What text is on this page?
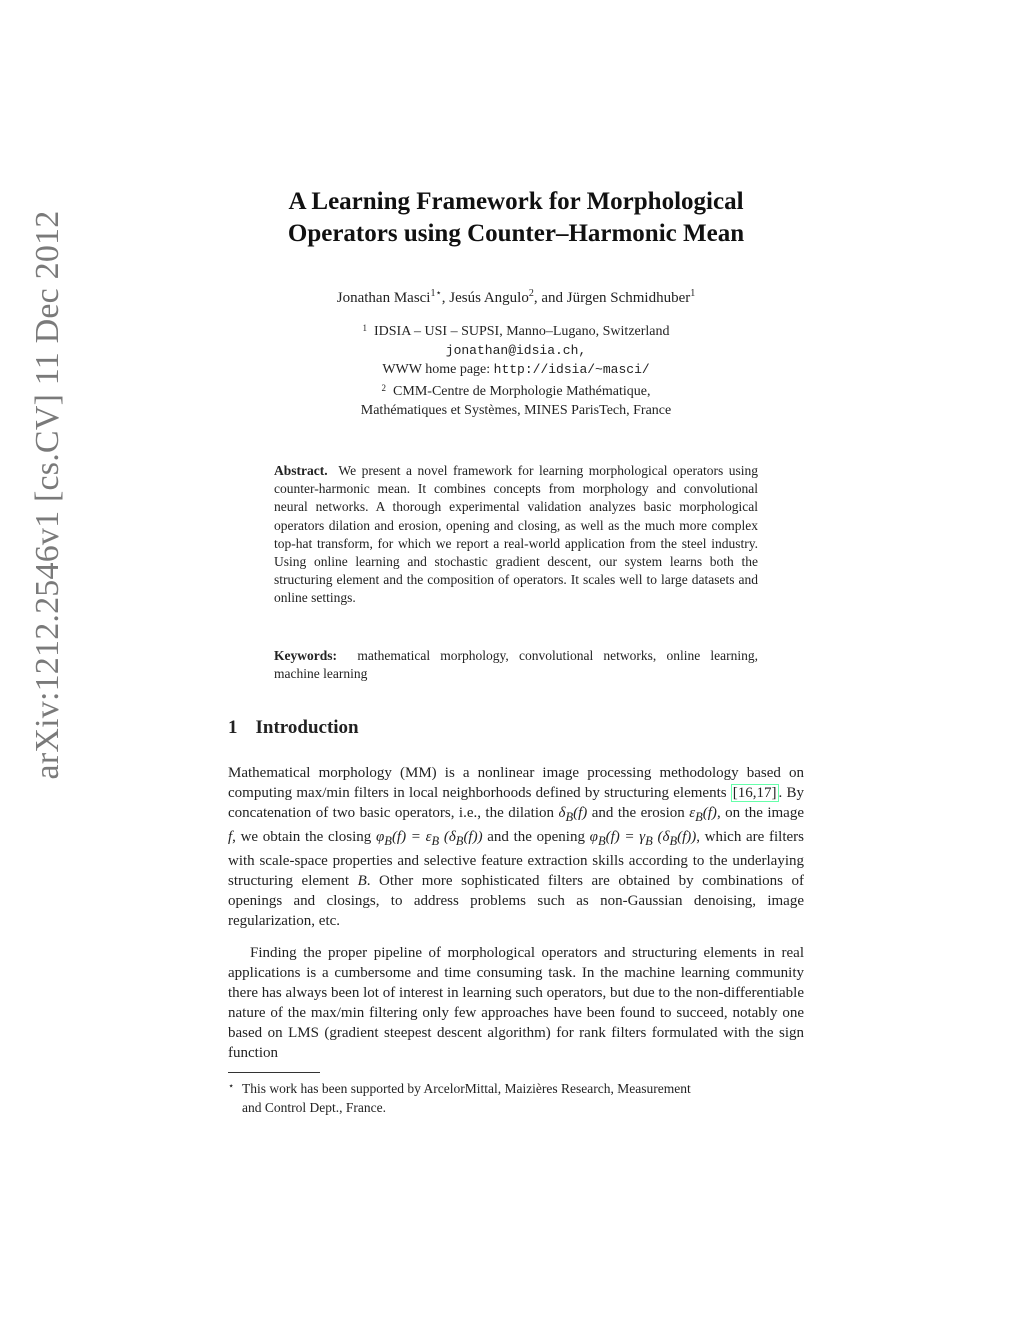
arXiv:1212.2546v1 [cs.CV] 11 Dec 2012
A Learning Framework for Morphological
Operators using Counter–Harmonic Mean
Jonathan Masci$^{1⋆}$, Jesús Angulo$^2$, and Jürgen Schmidhuber$^1$
$^1$ IDSIA – USI – SUPSI, Manno–Lugano, Switzerland
jonathan@idsia.ch,
WWW home page: http://idsia/~masci/
$^2$ CMM-Centre de Morphologie Mathématique,
Mathématiques et Systèmes, MINES ParisTech, France
Abstract. We present a novel framework for learning morphological operators using counter-harmonic mean. It combines concepts from morphology and convolutional neural networks. A thorough experimental validation analyzes basic morphological operators dilation and erosion, opening and closing, as well as the much more complex top-hat transform, for which we report a real-world application from the steel industry. Using online learning and stochastic gradient descent, our system learns both the structuring element and the composition of operators. It scales well to large datasets and online settings.
Keywords: mathematical morphology, convolutional networks, online learning, machine learning
1 Introduction
Mathematical morphology (MM) is a nonlinear image processing methodology based on computing max/min filters in local neighborhoods defined by structuring elements [16,17] . By concatenation of two basic operators, i.e., the dilation $\delta_B(f)$ and the erosion $\varepsilon_B(f)$, on the image f, we obtain the closing $\varphi_B(f) = \varepsilon_B$ $(\delta_B(f))$ and the opening $\varphi_B(f) = \gamma_B$ $(\delta_B(f))$, which are filters with scale-space properties and selective feature extraction skills according to the underlaying structuring element B. Other more sophisticated filters are obtained by combinations of openings and closings, to address problems such as non-Gaussian denoising, image regularization, etc.
Finding the proper pipeline of morphological operators and structuring elements in real applications is a cumbersome and time consuming task. In the machine learning community there has always been lot of interest in learning such operators, but due to the non-differentiable nature of the max/min filtering only few approaches have been found to succeed, notably one based on LMS (gradient steepest descent algorithm) for rank filters formulated with the sign function
⋆ This work has been supported by ArcelorMittal, Maizières Research, Measurement
and Control Dept., France.
